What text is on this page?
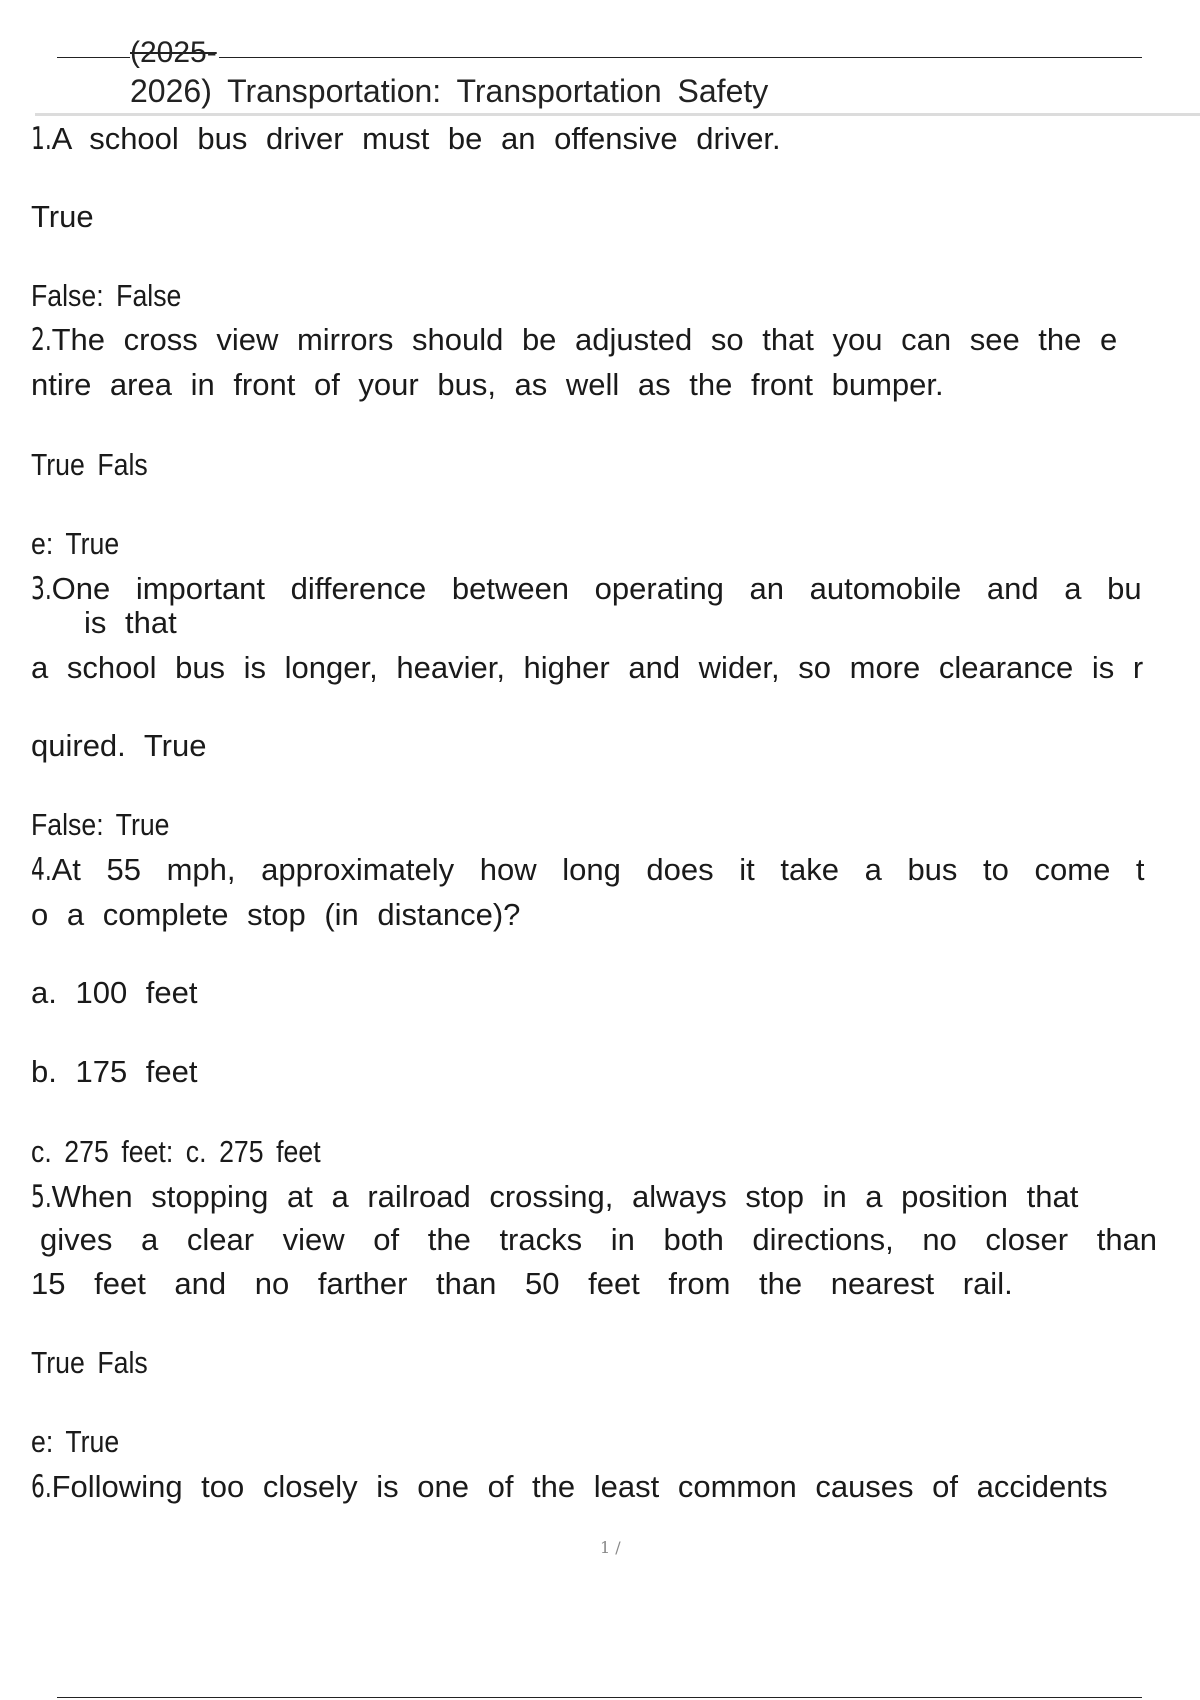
(2025-
2026) Transportation: Transportation Safety
1.A school bus driver must be an offensive driver.
True
False: False
2.The cross view mirrors should be adjusted so that you can see the e
ntire area in front of your bus, as well as the front bumper.
True Fals
e: True
3.One important difference between operating an automobile and a bu
is that
a school bus is longer, heavier, higher and wider, so more clearance is r
quired. True
False: True
4.At 55 mph, approximately how long does it take a bus to come t
o a complete stop (in distance)?
a. 100 feet
b. 175 feet
c. 275 feet: c. 275 feet
5.When stopping at a railroad crossing, always stop in a position that
gives a clear view of the tracks in both directions, no closer than
15 feet and no farther than 50 feet from the nearest rail.
True Fals
e: True
6.Following too closely is one of the least common causes of accidents
1 /
